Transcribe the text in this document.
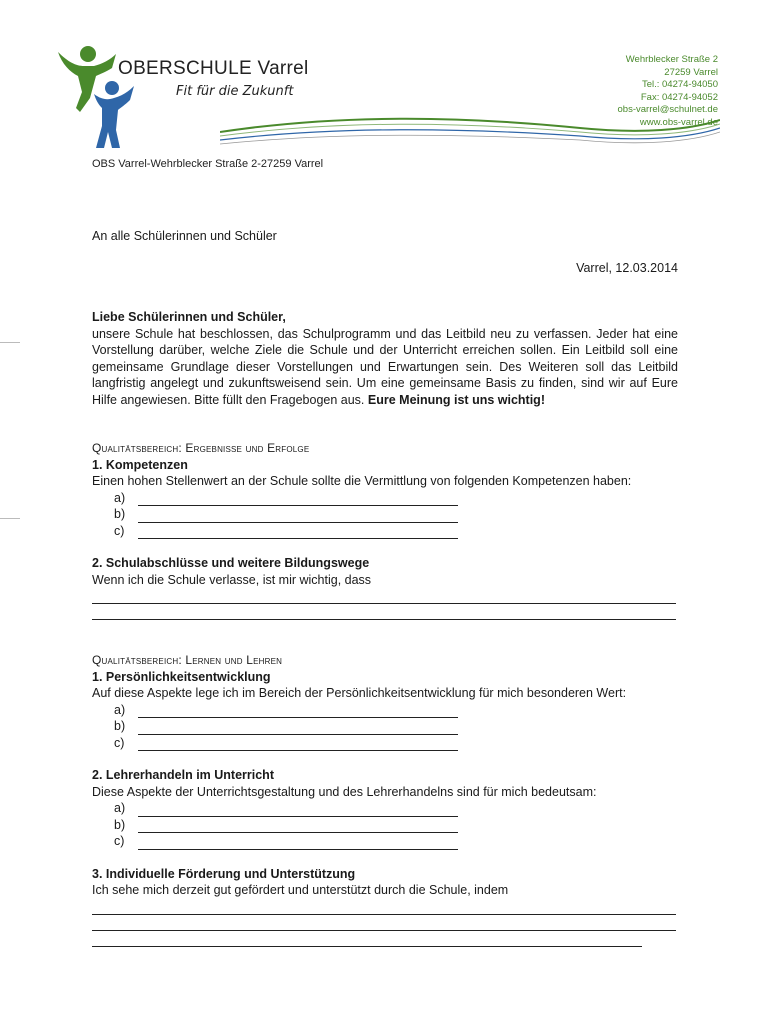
OBERSCHULE Varrel
Fit für die Zukunft
Wehrblecker Straße 2
27259 Varrel
Tel.: 04274-94050
Fax: 04274-94052
obs-varrel@schulnet.de
www.obs-varrel.de
OBS Varrel-Wehrblecker Straße 2-27259 Varrel
An alle Schülerinnen und Schüler
Varrel, 12.03.2014
Liebe Schülerinnen und Schüler,
unsere Schule hat beschlossen, das Schulprogramm und das Leitbild neu zu verfassen. Jeder hat eine Vorstellung darüber, welche Ziele die Schule und der Unterricht erreichen sollen. Ein Leitbild soll eine gemeinsame Grundlage dieser Vorstellungen und Erwartungen sein. Des Weiteren soll das Leitbild langfristig angelegt und zukunftsweisend sein. Um eine gemeinsame Basis zu finden, sind wir auf Eure Hilfe angewiesen. Bitte füllt den Fragebogen aus. Eure Meinung ist uns wichtig!
Qualitätsbereich: Ergebnisse und Erfolge
1. Kompetenzen
Einen hohen Stellenwert an der Schule sollte die Vermittlung von folgenden Kompetenzen haben:
a)
b)
c)
2. Schulabschlüsse und weitere Bildungswege
Wenn ich die Schule verlasse, ist mir wichtig, dass
Qualitätsbereich: Lernen und Lehren
1. Persönlichkeitsentwicklung
Auf diese Aspekte lege ich im Bereich der Persönlichkeitsentwicklung für mich besonderen Wert:
a)
b)
c)
2. Lehrerhandeln im Unterricht
Diese Aspekte der Unterrichtsgestaltung und des Lehrerhandelns sind für mich bedeutsam:
a)
b)
c)
3. Individuelle Förderung und Unterstützung
Ich sehe mich derzeit gut gefördert und unterstützt durch die Schule, indem
